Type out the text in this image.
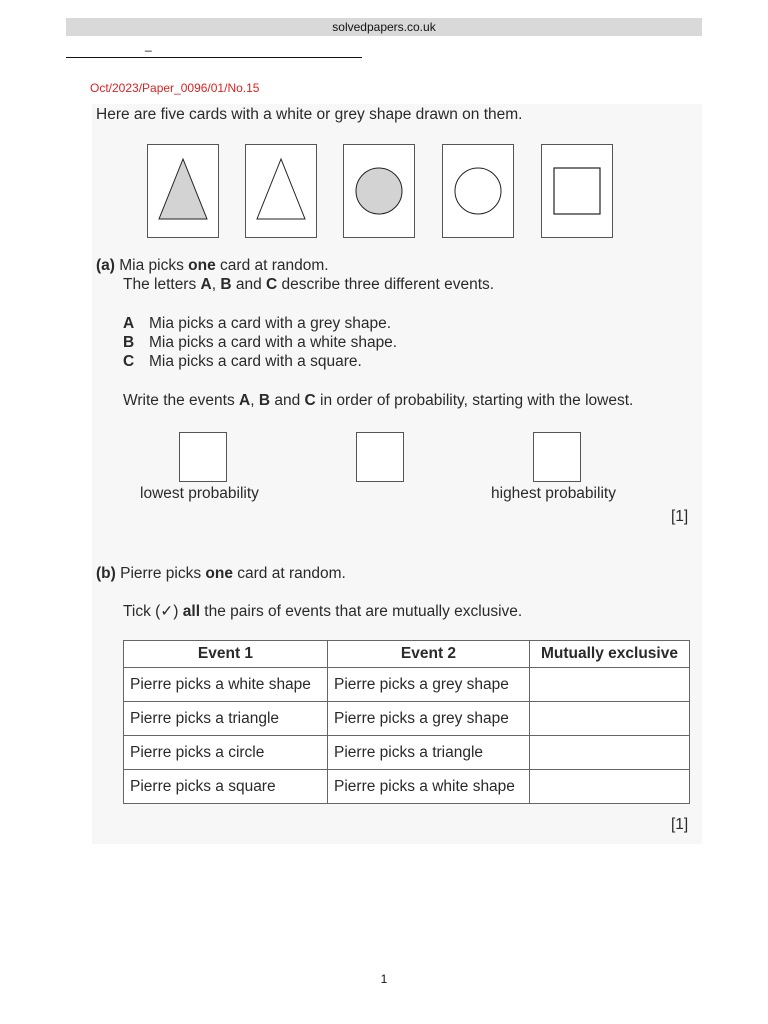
solvedpapers.co.uk
_
Oct/2023/Paper_0096/01/No.15
Here are five cards with a white or grey shape drawn on them.
(a) Mia picks one card at random.
The letters A, B and C describe three different events.
A Mia picks a card with a grey shape.
B Mia picks a card with a white shape.
C Mia picks a card with a square.
Write the events A, B and C in order of probability, starting with the lowest.
lowest probability	highest probability
[1]
(b) Pierre picks one card at random.
Tick (✓) all the pairs of events that are mutually exclusive.
Event 1	Event 2	Mutually exclusive
Pierre picks a white shape	Pierre picks a grey shape	
Pierre picks a triangle	Pierre picks a grey shape	
Pierre picks a circle	Pierre picks a triangle	
Pierre picks a square	Pierre picks a white shape	
[1]
1
